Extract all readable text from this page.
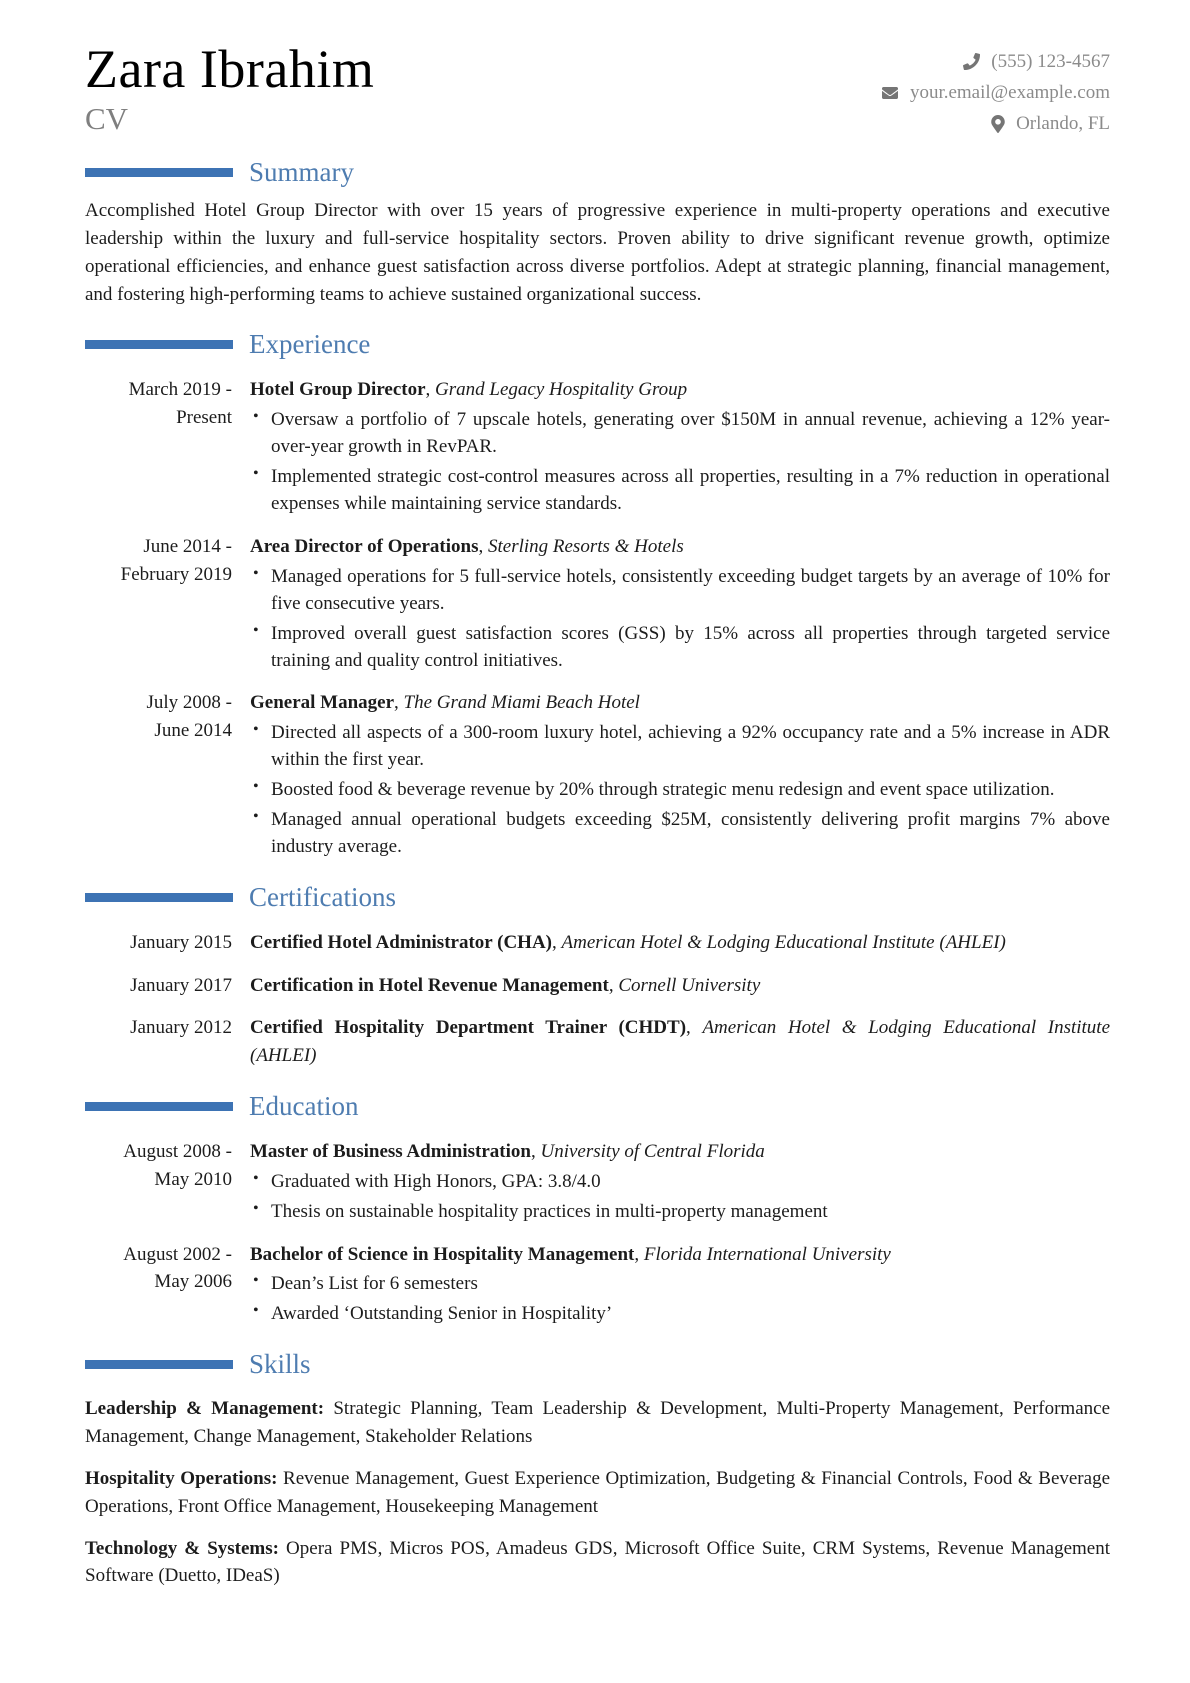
Zara Ibrahim
CV
(555) 123-4567
your.email@example.com
Orlando, FL
Summary

Accomplished Hotel Group Director with over 15 years of progressive experience in multi-property operations and executive leadership within the luxury and full-service hospitality sectors. Proven ability to drive significant revenue growth, optimize operational efficiencies, and enhance guest satisfaction across diverse portfolios. Adept at strategic planning, financial management, and fostering high-performing teams to achieve sustained organizational success.

Experience
March 2019 -
Present
Hotel Group Director, Grand Legacy Hospitality Group
• Oversaw a portfolio of 7 upscale hotels, generating over $150M in annual revenue, achieving a 12% year-over-year growth in RevPAR.
• Implemented strategic cost-control measures across all properties, resulting in a 7% reduction in operational expenses while maintaining service standards.
June 2014 -
February 2019
Area Director of Operations, Sterling Resorts & Hotels
• Managed operations for 5 full-service hotels, consistently exceeding budget targets by an average of 10% for five consecutive years.
• Improved overall guest satisfaction scores (GSS) by 15% across all properties through targeted service training and quality control initiatives.
July 2008 -
June 2014
General Manager, The Grand Miami Beach Hotel
• Directed all aspects of a 300-room luxury hotel, achieving a 92% occupancy rate and a 5% increase in ADR within the first year.
• Boosted food & beverage revenue by 20% through strategic menu redesign and event space utilization.
• Managed annual operational budgets exceeding $25M, consistently delivering profit margins 7% above industry average.
Certifications
January 2015 Certified Hotel Administrator (CHA), American Hotel & Lodging Educational Institute (AHLEI)
January 2017 Certification in Hotel Revenue Management, Cornell University
January 2012 Certified Hospitality Department Trainer (CHDT), American Hotel & Lodging Educational Institute (AHLEI)
Education
August 2008 -
May 2010
Master of Business Administration, University of Central Florida
• Graduated with High Honors, GPA: 3.8/4.0
• Thesis on sustainable hospitality practices in multi-property management
August 2002 -
May 2006
Bachelor of Science in Hospitality Management, Florida International University
• Dean’s List for 6 semesters
• Awarded ‘Outstanding Senior in Hospitality’
Skills

Leadership & Management: Strategic Planning, Team Leadership & Development, Multi-Property Management, Performance Management, Change Management, Stakeholder Relations

Hospitality Operations: Revenue Management, Guest Experience Optimization, Budgeting & Financial Controls, Food & Beverage Operations, Front Office Management, Housekeeping Management

Technology & Systems: Opera PMS, Micros POS, Amadeus GDS, Microsoft Office Suite, CRM Systems, Revenue Management Software (Duetto, IDeaS)
